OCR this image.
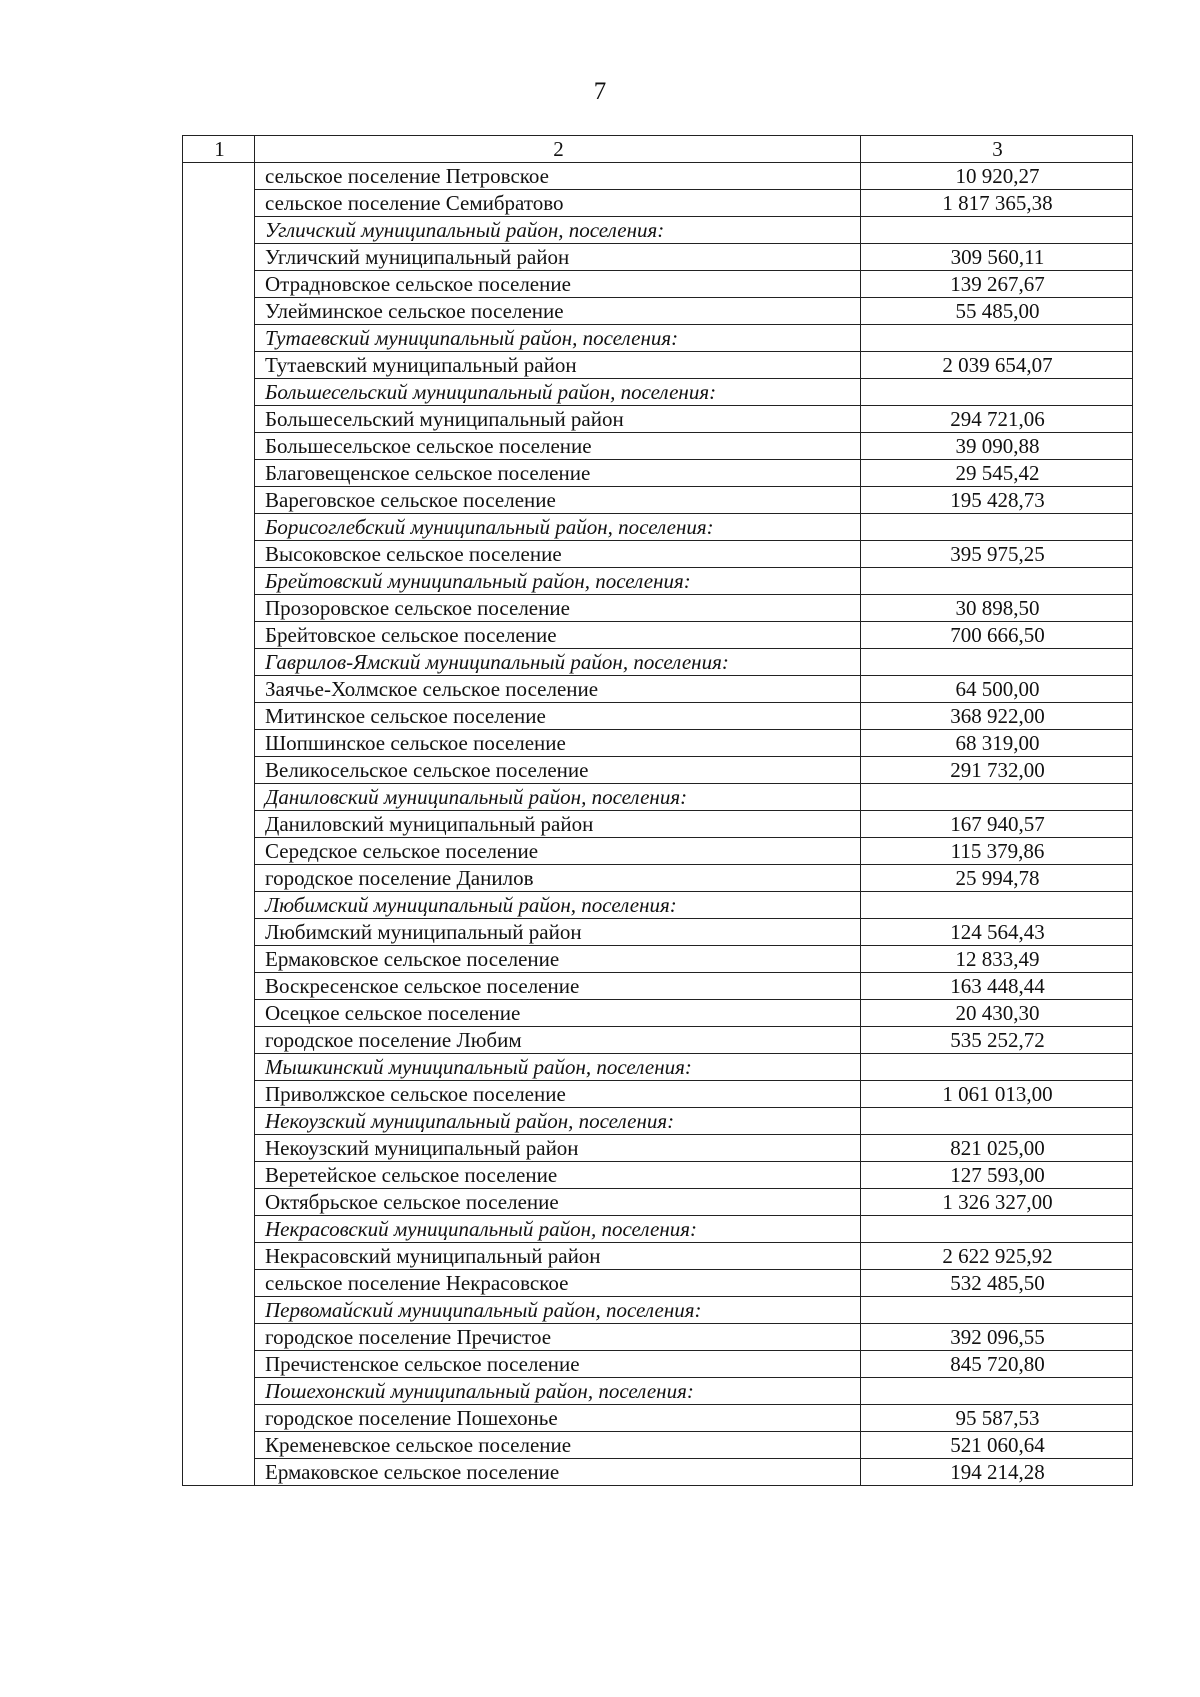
7
1	2	3
	сельское поселение Петровское	10 920,27
	сельское поселение Семибратово	1 817 365,38
	Угличский муниципальный район, поселения:	
	Угличский муниципальный район	309 560,11
	Отрадновское сельское поселение	139 267,67
	Улейминское сельское поселение	55 485,00
	Тутаевский муниципальный район, поселения:	
	Тутаевский муниципальный район	2 039 654,07
	Большесельский муниципальный район, поселения:	
	Большесельский муниципальный район	294 721,06
	Большесельское сельское поселение	39 090,88
	Благовещенское сельское поселение	29 545,42
	Вареговское сельское поселение	195 428,73
	Борисоглебский муниципальный район, поселения:	
	Высоковское сельское поселение	395 975,25
	Брейтовский муниципальный район, поселения:	
	Прозоровское сельское поселение	30 898,50
	Брейтовское сельское поселение	700 666,50
	Гаврилов-Ямский муниципальный район, поселения:	
	Заячье-Холмское сельское поселение	64 500,00
	Митинское сельское поселение	368 922,00
	Шопшинское сельское поселение	68 319,00
	Великосельское сельское поселение	291 732,00
	Даниловский муниципальный район, поселения:	
	Даниловский муниципальный район	167 940,57
	Середское сельское поселение	115 379,86
	городское поселение Данилов	25 994,78
	Любимский муниципальный район, поселения:	
	Любимский муниципальный район	124 564,43
	Ермаковское сельское поселение	12 833,49
	Воскресенское сельское поселение	163 448,44
	Осецкое сельское поселение	20 430,30
	городское поселение Любим	535 252,72
	Мышкинский муниципальный район, поселения:	
	Приволжское сельское поселение	1 061 013,00
	Некоузский муниципальный район, поселения:	
	Некоузский муниципальный район	821 025,00
	Веретейское сельское поселение	127 593,00
	Октябрьское сельское поселение	1 326 327,00
	Некрасовский муниципальный район, поселения:	
	Некрасовский муниципальный район	2 622 925,92
	сельское поселение Некрасовское	532 485,50
	Первомайский муниципальный район, поселения:	
	городское поселение Пречистое	392 096,55
	Пречистенское сельское поселение	845 720,80
	Пошехонский муниципальный район, поселения:	
	городское поселение Пошехонье	95 587,53
	Кременевское сельское поселение	521 060,64
	Ермаковское сельское поселение	194 214,28
